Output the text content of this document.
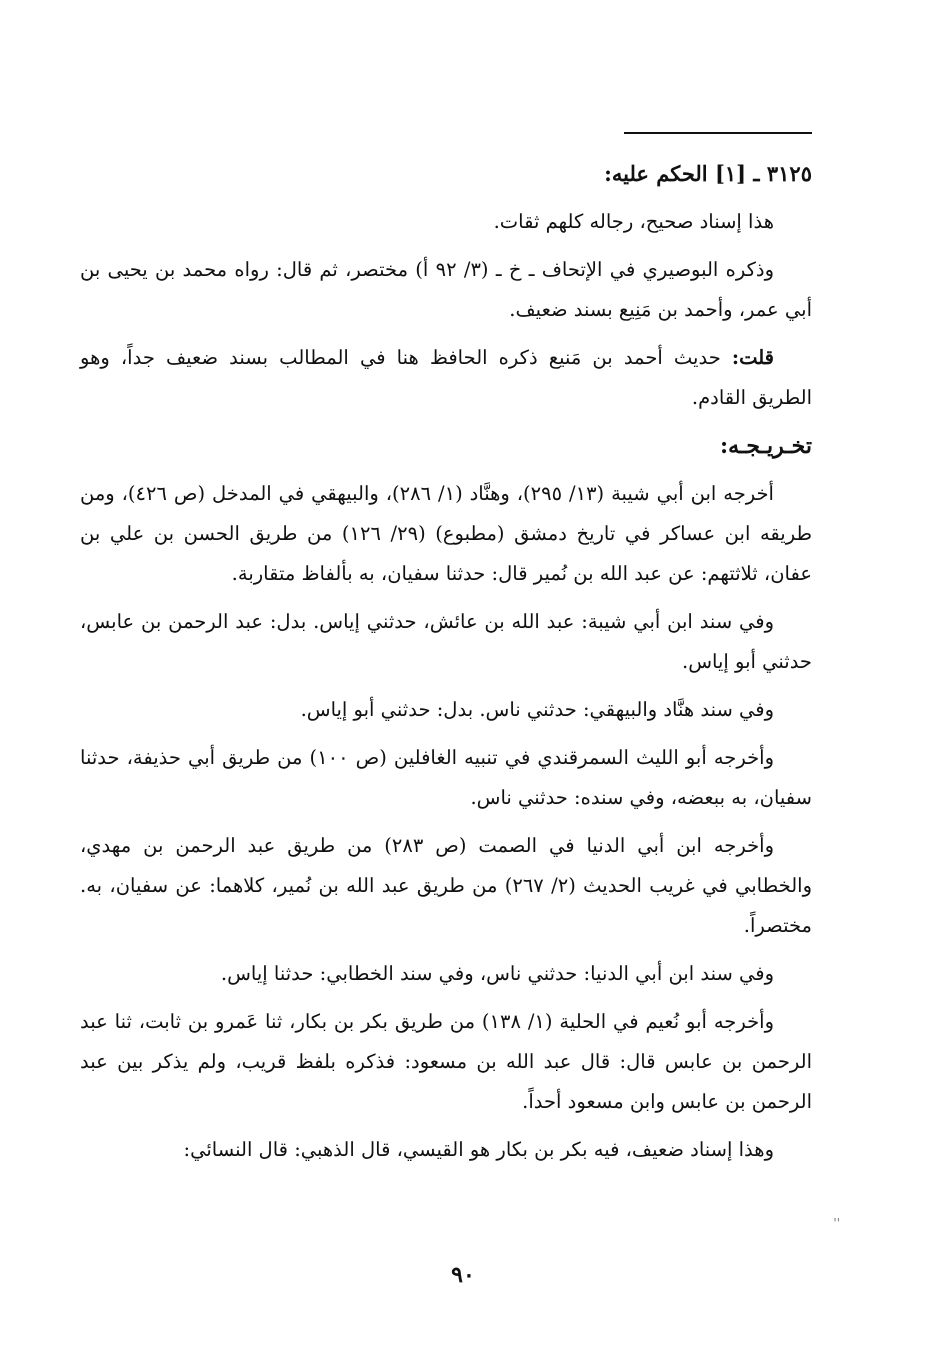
٣١٢٥ ـ [١] الحكم عليه:

هذا إسناد صحيح، رجاله كلهم ثقات.

وذكره البوصيري في الإتحاف ـ خ ـ (٣/ ٩٢ أ) مختصر، ثم قال: رواه محمد بن يحيى بن أبي عمر، وأحمد بن مَنِيع بسند ضعيف.

قلت: حديث أحمد بن مَنيع ذكره الحافظ هنا في المطالب بسند ضعيف جداً، وهو الطريق القادم.

تخـريـجـه:

أخرجه ابن أبي شيبة (١٣/ ٢٩٥)، وهنَّاد (١/ ٢٨٦)، والبيهقي في المدخل (ص ٤٢٦)، ومن طريقه ابن عساكر في تاريخ دمشق (مطبوع) (٢٩/ ١٢٦) من طريق الحسن بن علي بن عفان، ثلاثتهم: عن عبد الله بن نُمير قال: حدثنا سفيان، به بألفاظ متقاربة.

وفي سند ابن أبي شيبة: عبد الله بن عائش، حدثني إياس. بدل: عبد الرحمن بن عابس، حدثني أبو إياس.

وفي سند هنَّاد والبيهقي: حدثني ناس. بدل: حدثني أبو إياس.

وأخرجه أبو الليث السمرقندي في تنبيه الغافلين (ص ١٠٠) من طريق أبي حذيفة، حدثنا سفيان، به ببعضه، وفي سنده: حدثني ناس.

وأخرجه ابن أبي الدنيا في الصمت (ص ٢٨٣) من طريق عبد الرحمن بن مهدي، والخطابي في غريب الحديث (٢/ ٢٦٧) من طريق عبد الله بن نُمير، كلاهما: عن سفيان، به. مختصراً.

وفي سند ابن أبي الدنيا: حدثني ناس، وفي سند الخطابي: حدثنا إياس.

وأخرجه أبو نُعيم في الحلية (١/ ١٣٨) من طريق بكر بن بكار، ثنا عَمرو بن ثابت، ثنا عبد الرحمن بن عابس قال: قال عبد الله بن مسعود: فذكره بلفظ قريب، ولم يذكر بين عبد الرحمن بن عابس وابن مسعود أحداً.

وهذا إسناد ضعيف، فيه بكر بن بكار هو القيسي، قال الذهبي: قال النسائي:

''
٩٠
